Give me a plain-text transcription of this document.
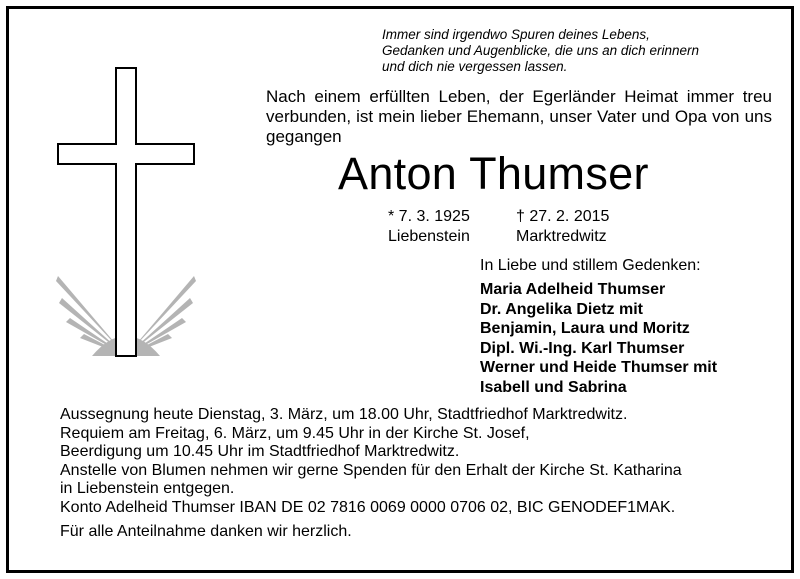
Immer sind irgendwo Spuren deines Lebens,
Gedanken und Augenblicke, die uns an dich erinnern
und dich nie vergessen lassen.
Nach einem erfüllten Leben, der Egerländer Heimat immer treu verbunden, ist mein lieber Ehemann, unser Vater und Opa von uns gegangen
Anton Thumser
* 7. 3. 1925
Liebenstein
† 27. 2. 2015
Marktredwitz
In Liebe und stillem Gedenken:
Maria Adelheid Thumser
Dr. Angelika Dietz mit
Benjamin, Laura und Moritz
Dipl. Wi.-Ing. Karl Thumser
Werner und Heide Thumser mit
Isabell und Sabrina
Aussegnung heute Dienstag, 3. März, um 18.00 Uhr, Stadtfriedhof Marktredwitz.
Requiem am Freitag, 6. März, um 9.45 Uhr in der Kirche St. Josef,
Beerdigung um 10.45 Uhr im Stadtfriedhof Marktredwitz.
Anstelle von Blumen nehmen wir gerne Spenden für den Erhalt der Kirche St. Katharina
in Liebenstein entgegen.
Konto Adelheid Thumser IBAN DE 02 7816 0069 0000 0706 02, BIC GENODEF1MAK.
Für alle Anteilnahme danken wir herzlich.
